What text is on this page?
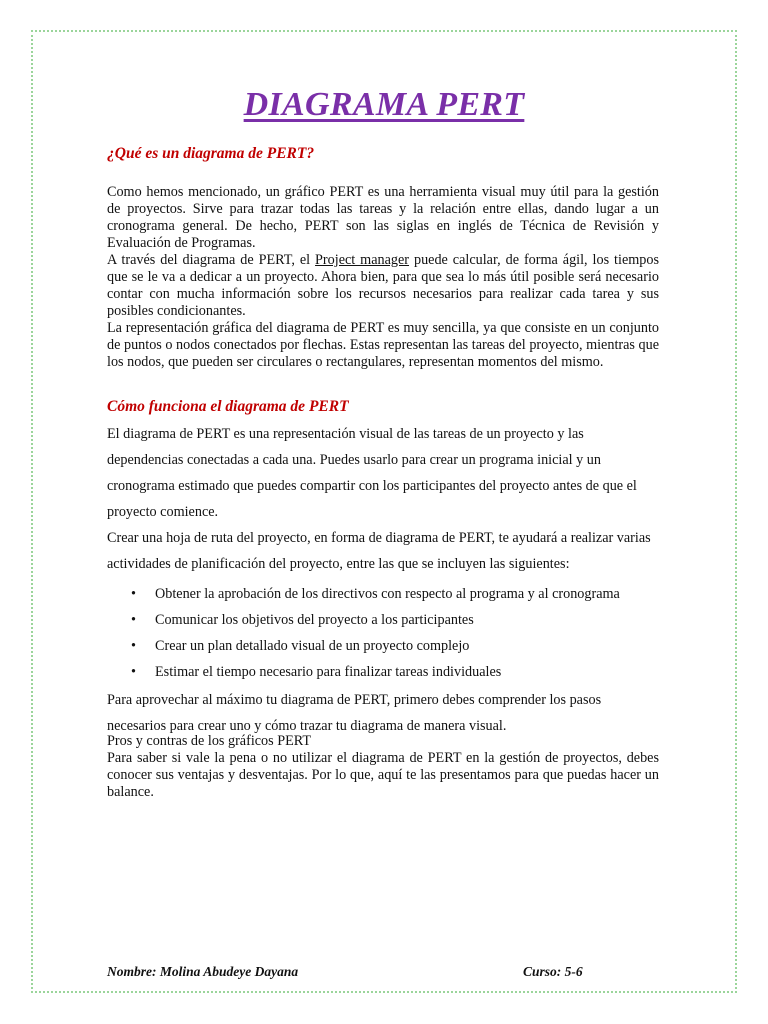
DIAGRAMA PERT
¿Qué es un diagrama de PERT?

Como hemos mencionado, un gráfico PERT es una herramienta visual muy útil para la gestión de proyectos. Sirve para trazar todas las tareas y la relación entre ellas, dando lugar a un cronograma general. De hecho, PERT son las siglas en inglés de Técnica de Revisión y Evaluación de Programas.

A través del diagrama de PERT, el Project manager puede calcular, de forma ágil, los tiempos que se le va a dedicar a un proyecto. Ahora bien, para que sea lo más útil posible será necesario contar con mucha información sobre los recursos necesarios para realizar cada tarea y sus posibles condicionantes.

La representación gráfica del diagrama de PERT es muy sencilla, ya que consiste en un conjunto de puntos o nodos conectados por flechas. Estas representan las tareas del proyecto, mientras que los nodos, que pueden ser circulares o rectangulares, representan momentos del mismo.

Cómo funciona el diagrama de PERT

El diagrama de PERT es una representación visual de las tareas de un proyecto y las dependencias conectadas a cada una. Puedes usarlo para crear un programa inicial y un cronograma estimado que puedes compartir con los participantes del proyecto antes de que el proyecto comience.

Crear una hoja de ruta del proyecto, en forma de diagrama de PERT, te ayudará a realizar varias actividades de planificación del proyecto, entre las que se incluyen las siguientes:

• Obtener la aprobación de los directivos con respecto al programa y al cronograma
• Comunicar los objetivos del proyecto a los participantes
• Crear un plan detallado visual de un proyecto complejo
• Estimar el tiempo necesario para finalizar tareas individuales

Para aprovechar al máximo tu diagrama de PERT, primero debes comprender los pasos necesarios para crear uno y cómo trazar tu diagrama de manera visual.

Pros y contras de los gráficos PERT

Para saber si vale la pena o no utilizar el diagrama de PERT en la gestión de proyectos, debes conocer sus ventajas y desventajas. Por lo que, aquí te las presentamos para que puedas hacer un balance.

Nombre: Molina Abudeye Dayana	Curso: 5-6
